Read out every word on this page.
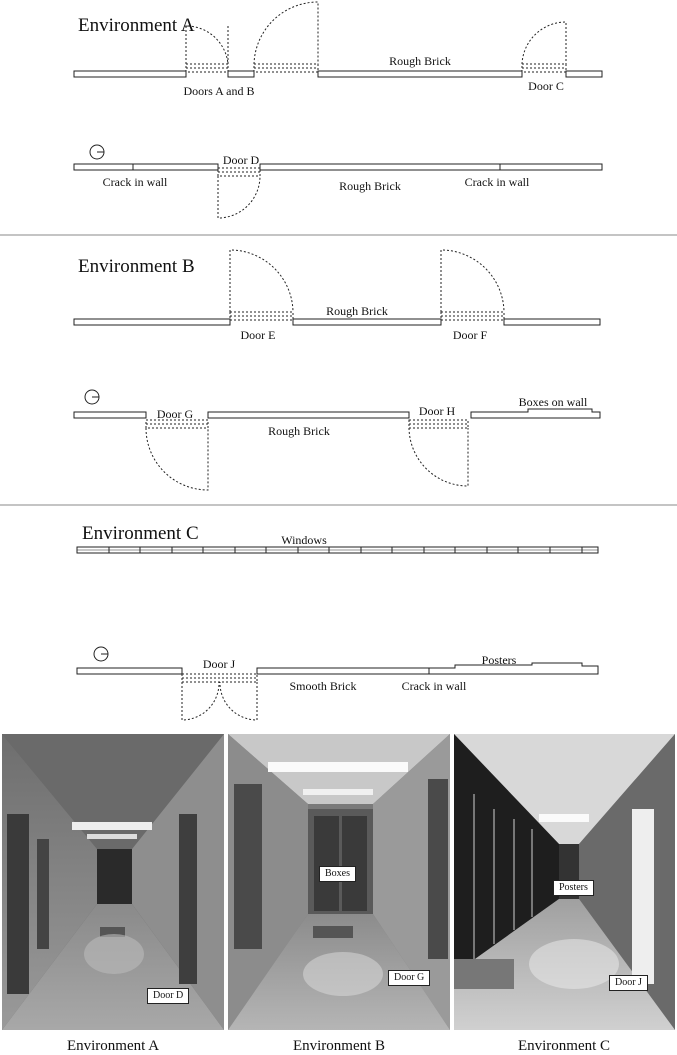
Environment A
Rough Brick
Doors A and B	Door C
Door D
Crack in wall	Rough Brick	Crack in wall
Environment B
Rough Brick
Door E	Door F
Door G
Rough Brick
Door H
Boxes on wall
Environment C	Windows
Door J
Smooth Brick	Crack in wall
Posters
Door D
Boxes
Door G
Posters
Door J
Environment A	Environment B	Environment C
